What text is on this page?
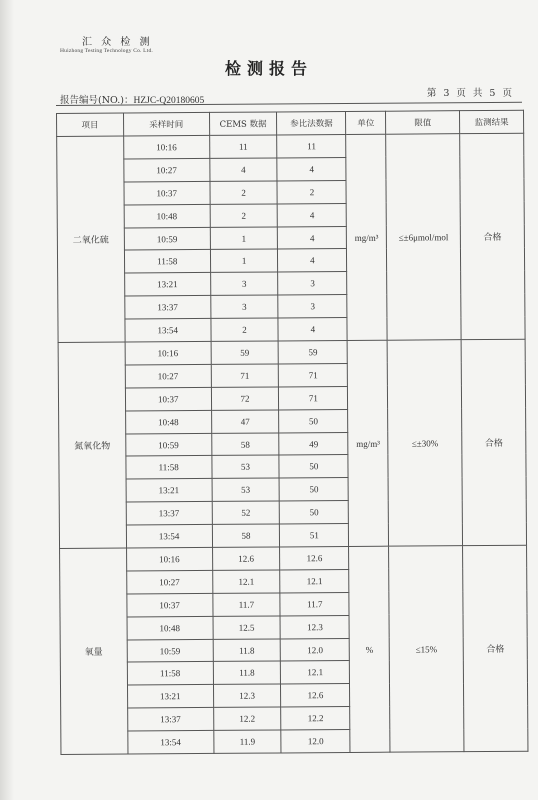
汇 众 检 测
Huizhong Testing Technology Co. Ltd.
检测报告
报告编号(NO.)：HZJC-Q20180605
第 3 页 共 5 页
项目	采样时间	CEMS 数据	参比法数据	单位	限值	监测结果
二氧化硫	10:16	11	11	mg/m³	≤±6μmol/mol	合格
	10:27	4	4			
	10:37	2	2			
	10:48	2	4			
	10:59	1	4			
	11:58	1	4			
	13:21	3	3			
	13:37	3	3			
	13:54	2	4			
氮氧化物	10:16	59	59	mg/m³	≤±30%	合格
	10:27	71	71			
	10:37	72	71			
	10:48	47	50			
	10:59	58	49			
	11:58	53	50			
	13:21	53	50			
	13:37	52	50			
	13:54	58	51			
氧量	10:16	12.6	12.6	%	≤15%	合格
	10:27	12.1	12.1			
	10:37	11.7	11.7			
	10:48	12.5	12.3			
	10:59	11.8	12.0			
	11:58	11.8	12.1			
	13:21	12.3	12.6			
	13:37	12.2	12.2			
	13:54	11.9	12.0			
